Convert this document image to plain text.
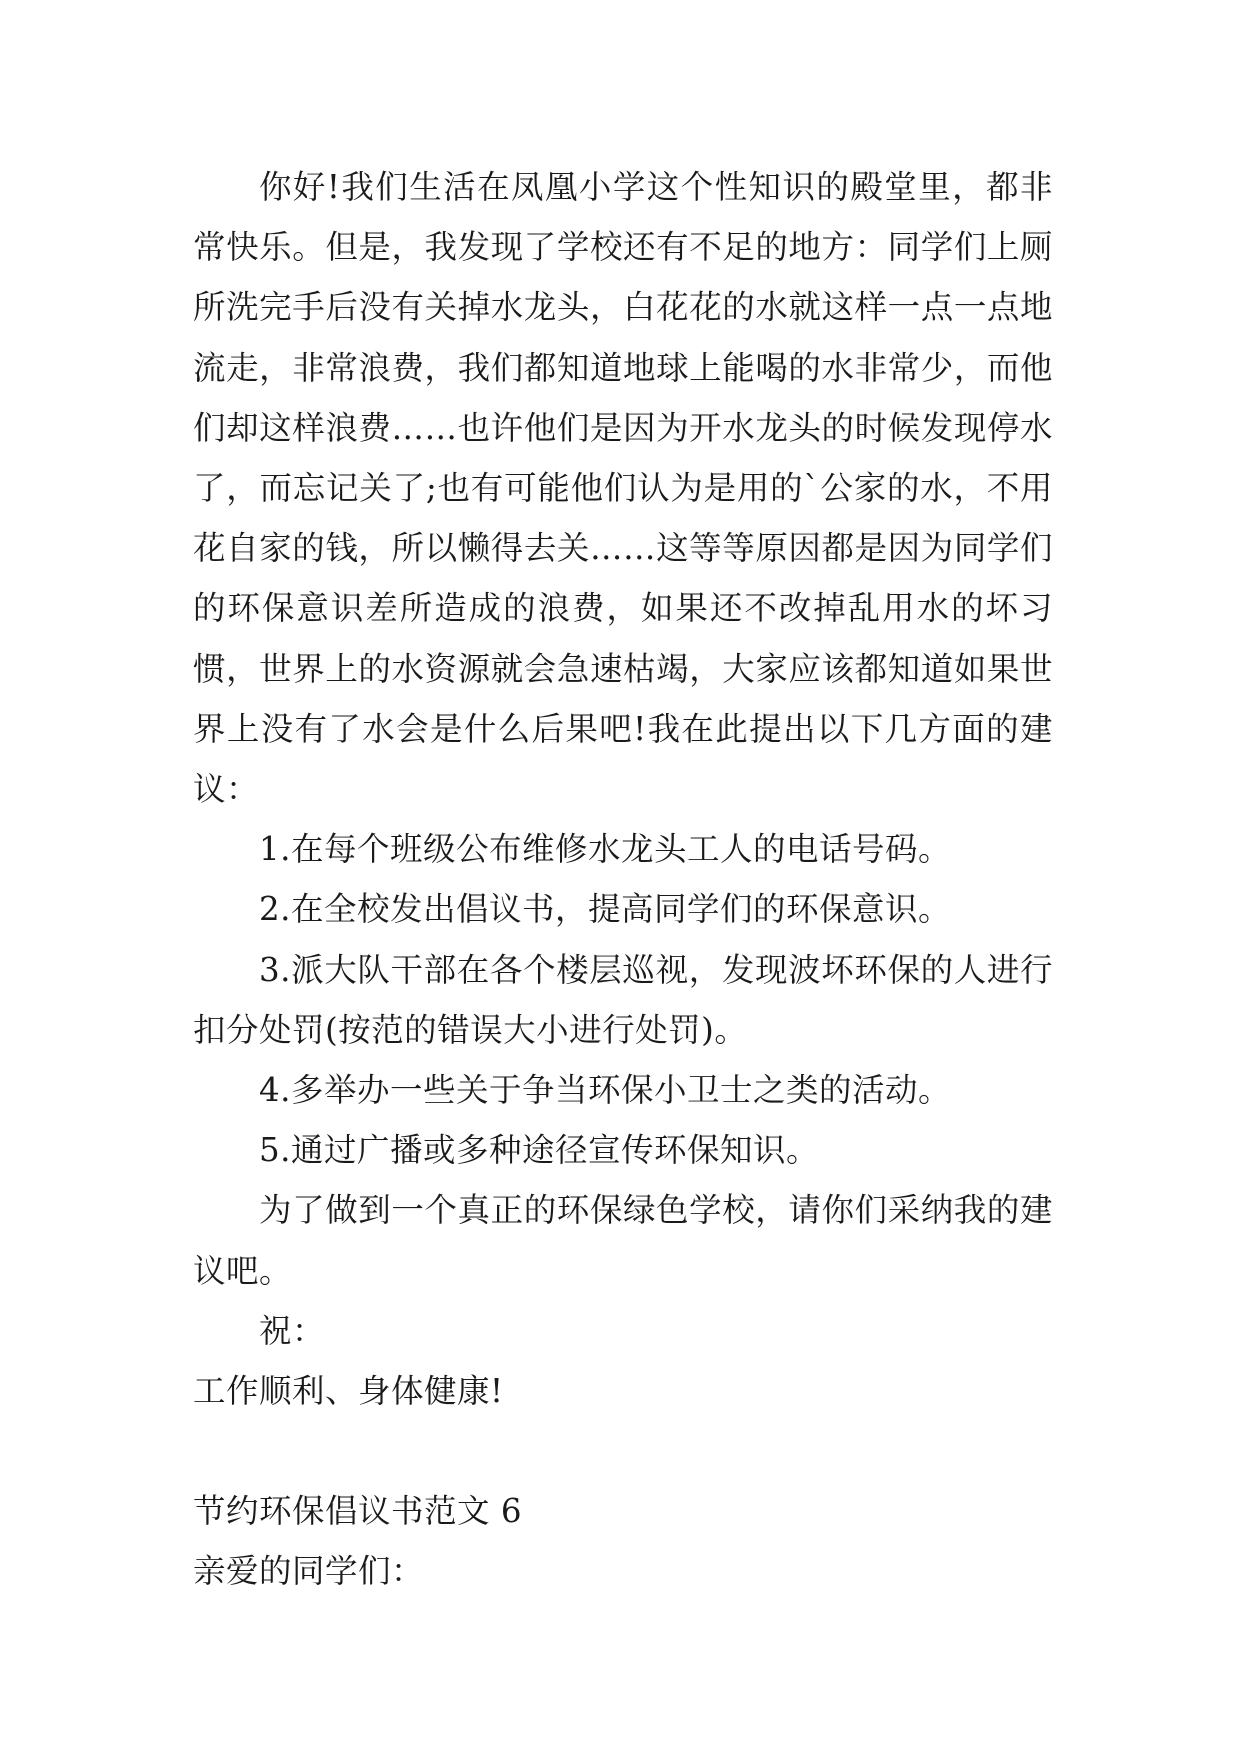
你好!我们生活在凤凰小学这个性知识的殿堂里，都非常快乐。但是，我发现了学校还有不足的地方：同学们上厕所洗完手后没有关掉水龙头，白花花的水就这样一点一点地流走，非常浪费，我们都知道地球上能喝的水非常少，而他们却这样浪费……也许他们是因为开水龙头的时候发现停水了，而忘记关了;也有可能他们认为是用的`公家的水，不用花自家的钱，所以懒得去关……这等等原因都是因为同学们的环保意识差所造成的浪费，如果还不改掉乱用水的坏习惯，世界上的水资源就会急速枯竭，大家应该都知道如果世界上没有了水会是什么后果吧!我在此提出以下几方面的建议：

1.在每个班级公布维修水龙头工人的电话号码。

2.在全校发出倡议书，提高同学们的环保意识。

3.派大队干部在各个楼层巡视，发现波坏环保的人进行扣分处罚(按范的错误大小进行处罚)。

4.多举办一些关于争当环保小卫士之类的活动。

5.通过广播或多种途径宣传环保知识。

为了做到一个真正的环保绿色学校，请你们采纳我的建议吧。

祝：

工作顺利、身体健康!

节约环保倡议书范文 6

亲爱的同学们：
